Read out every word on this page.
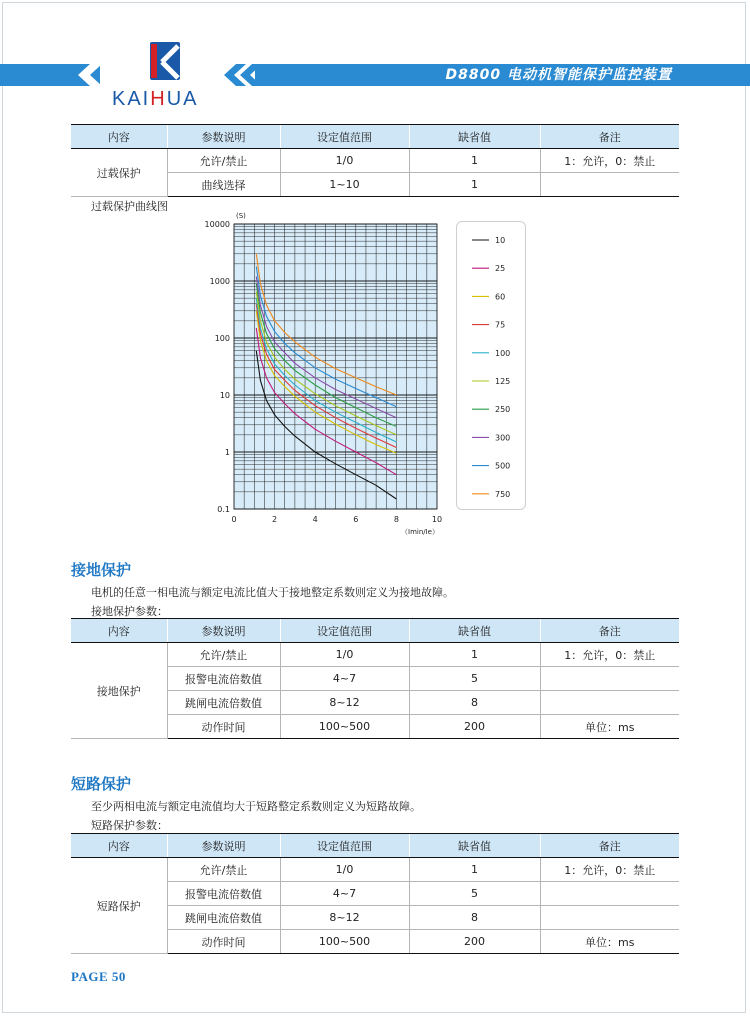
KAIHUA
D8800 电动机智能保护监控装置
内容	参数说明	设定值范围	缺省值	备注
过载保护	允许/禁止	1/0	1	1：允许，0：禁止
	曲线选择	1~10	1	
过载保护曲线图
0	2	4	6	8	10
0.1
1
10
100
1000
10000
(S)
（Imin/Ie）
10
25
60
75
100
125
250
300
500
750
接地保护
电机的任意一相电流与额定电流比值大于接地整定系数则定义为接地故障。
接地保护参数：
内容	参数说明	设定值范围	缺省值	备注
接地保护	允许/禁止	1/0	1	1：允许，0：禁止
	报警电流倍数值	4~7	5	
	跳闸电流倍数值	8~12	8	
	动作时间	100~500	200	单位：ms
短路保护
至少两相电流与额定电流值均大于短路整定系数则定义为短路故障。
短路保护参数：
内容	参数说明	设定值范围	缺省值	备注
短路保护	允许/禁止	1/0	1	1：允许，0：禁止
	报警电流倍数值	4~7	5	
	跳闸电流倍数值	8~12	8	
	动作时间	100~500	200	单位：ms
PAGE 50
